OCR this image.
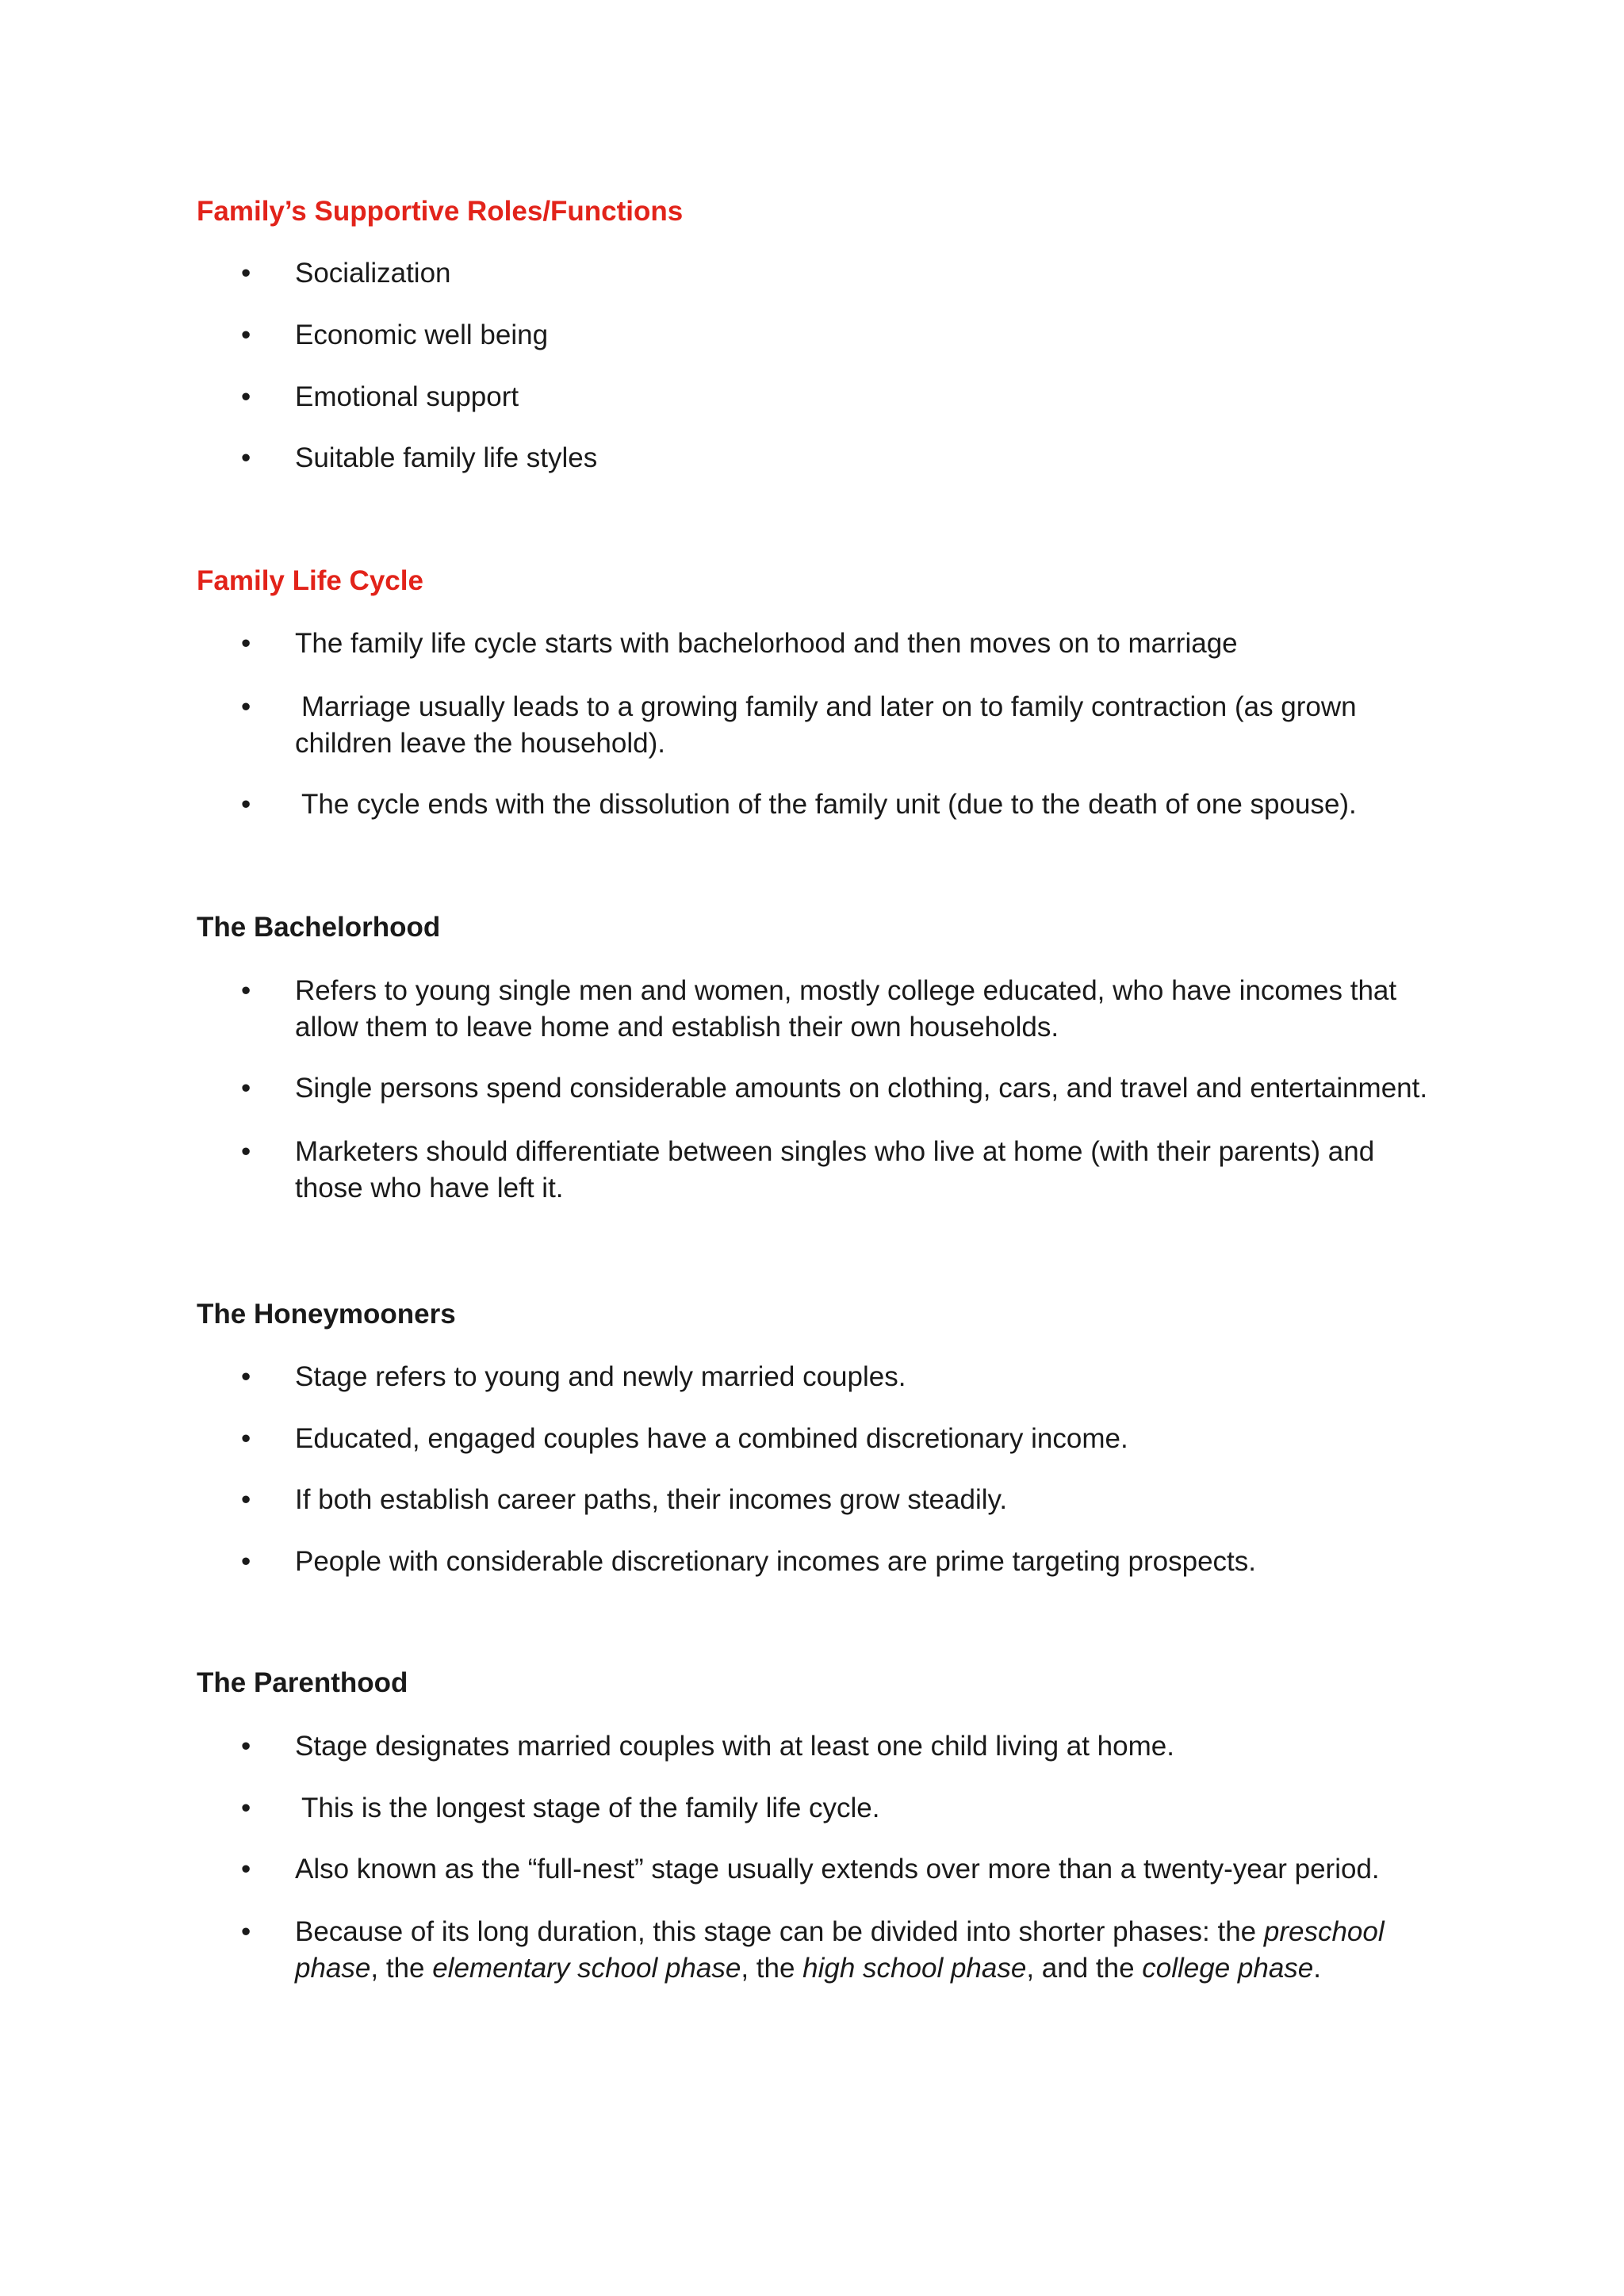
Family’s Supportive Roles/Functions
•	Socialization
•	Economic well being
•	Emotional support
•	Suitable family life styles
Family Life Cycle
•	The family life cycle starts with bachelorhood and then moves on to marriage
•	Marriage usually leads to a growing family and later on to family contraction (as grown children leave the household).
•	The cycle ends with the dissolution of the family unit (due to the death of one spouse).
The Bachelorhood
•	Refers to young single men and women, mostly college educated, who have incomes that allow them to leave home and establish their own households.
•	Single persons spend considerable amounts on clothing, cars, and travel and entertainment.
•	Marketers should differentiate between singles who live at home (with their parents) and those who have left it.
The Honeymooners
•	Stage refers to young and newly married couples.
•	Educated, engaged couples have a combined discretionary income.
•	If both establish career paths, their incomes grow steadily.
•	People with considerable discretionary incomes are prime targeting prospects.
The Parenthood
•	Stage designates married couples with at least one child living at home.
•	This is the longest stage of the family life cycle.
•	Also known as the “full-nest” stage usually extends over more than a twenty-year period.
•	Because of its long duration, this stage can be divided into shorter phases: the preschool phase, the elementary school phase, the high school phase, and the college phase.
